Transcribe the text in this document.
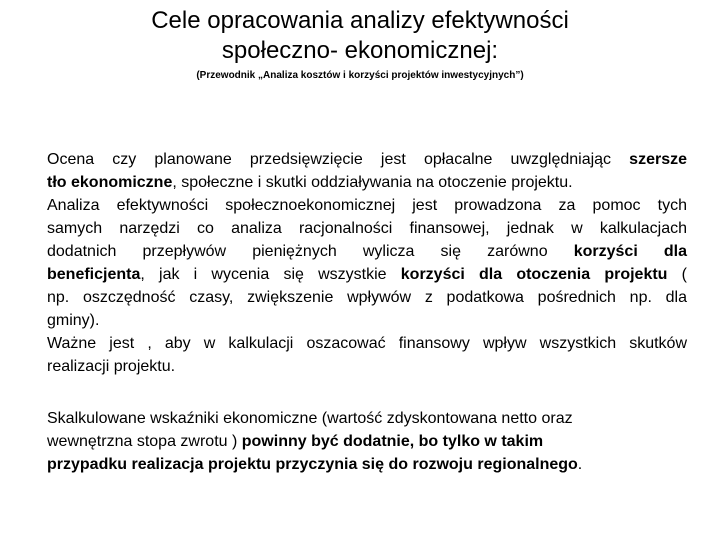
Cele opracowania analizy efektywności
społeczno- ekonomicznej:

(Przewodnik „Analiza kosztów i korzyści projektów inwestycyjnych”)

Ocena czy planowane przedsięwzięcie jest opłacalne uwzględniając szersze
tło ekonomiczne, społeczne i skutki oddziaływania na otoczenie projektu.

Analiza efektywności społecznoekonomicznej jest prowadzona za pomoc tych
samych narzędzi co analiza racjonalności finansowej, jednak w kalkulacjach
dodatnich przepływów pieniężnych wylicza się zarówno korzyści dla
beneficjenta, jak i wycenia się wszystkie korzyści dla otoczenia projektu (
np. oszczędność czasy, zwiększenie wpływów z podatkowa pośrednich np. dla
gminy).

Ważne jest , aby w kalkulacji oszacować finansowy wpływ wszystkich skutków
realizacji projektu.

Skalkulowane wskaźniki ekonomiczne (wartość zdyskontowana netto oraz
wewnętrzna stopa zwrotu ) powinny być dodatnie, bo tylko w takim
przypadku realizacja projektu przyczynia się do rozwoju regionalnego.
